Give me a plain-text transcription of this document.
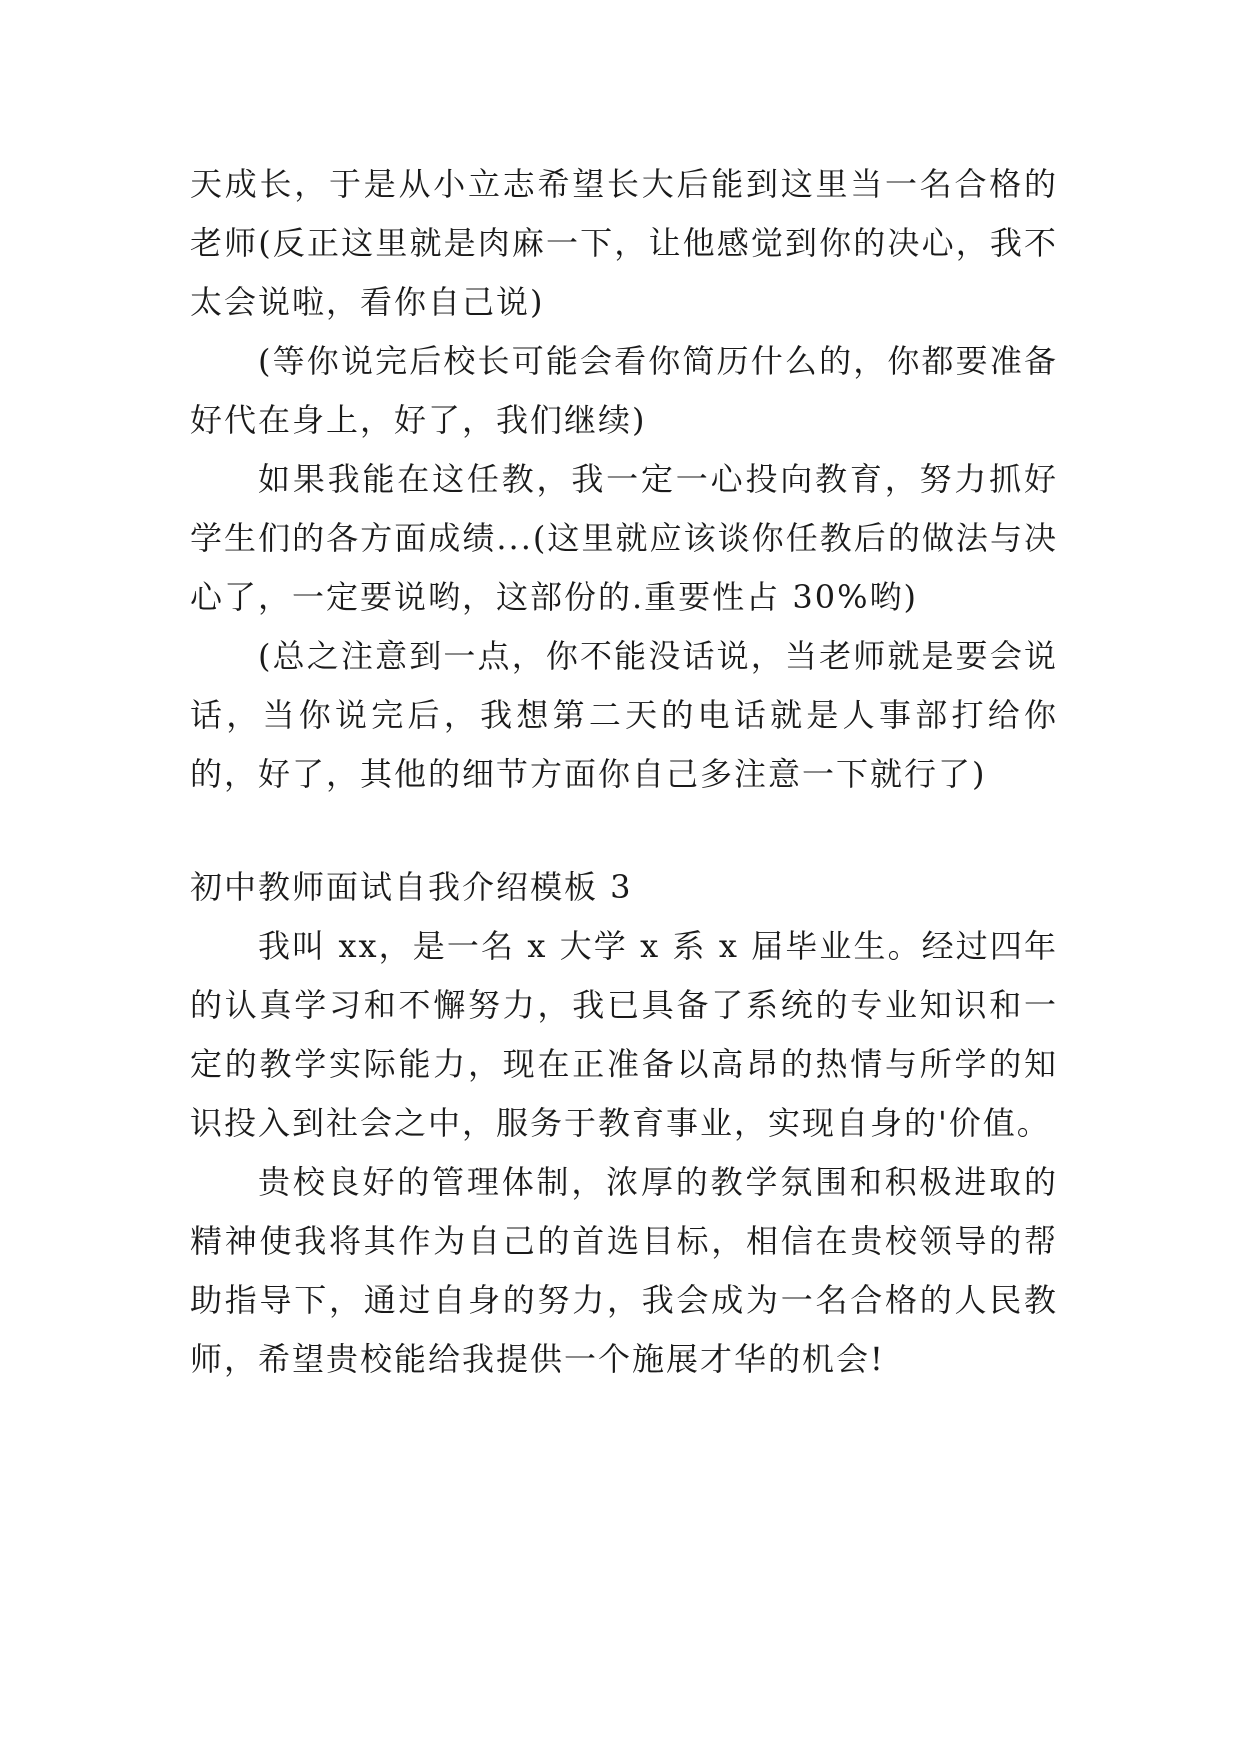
天成长，于是从小立志希望长大后能到这里当一名合格的老师(反正这里就是肉麻一下，让他感觉到你的决心，我不太会说啦，看你自己说)

(等你说完后校长可能会看你简历什么的，你都要准备好代在身上，好了，我们继续)

如果我能在这任教，我一定一心投向教育，努力抓好学生们的各方面成绩...(这里就应该谈你任教后的做法与决心了，一定要说哟，这部份的.重要性占 30%哟)

(总之注意到一点，你不能没话说，当老师就是要会说话，当你说完后，我想第二天的电话就是人事部打给你的，好了，其他的细节方面你自己多注意一下就行了)

初中教师面试自我介绍模板 3

我叫 xx，是一名 x 大学 x 系 x 届毕业生。经过四年的认真学习和不懈努力，我已具备了系统的专业知识和一定的教学实际能力，现在正准备以高昂的热情与所学的知识投入到社会之中，服务于教育事业，实现自身的'价值。

贵校良好的管理体制，浓厚的教学氛围和积极进取的精神使我将其作为自己的首选目标，相信在贵校领导的帮助指导下，通过自身的努力，我会成为一名合格的人民教师，希望贵校能给我提供一个施展才华的机会!
